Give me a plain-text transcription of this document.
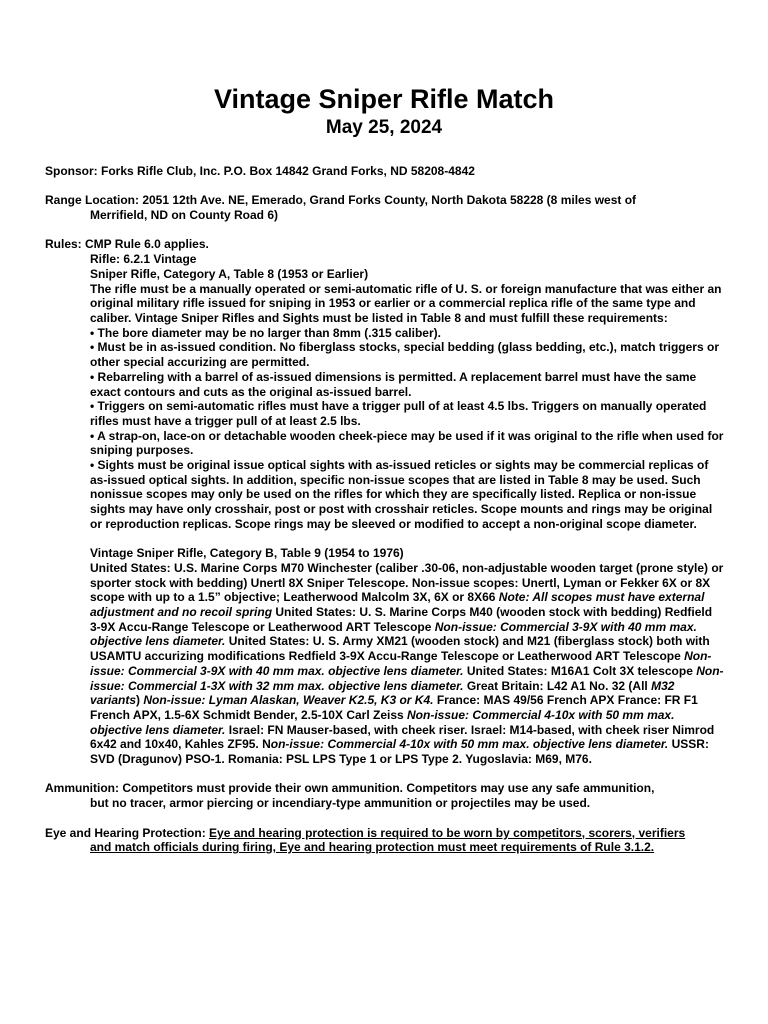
Vintage Sniper Rifle Match
May 25, 2024
Sponsor: Forks Rifle Club, Inc. P.O. Box 14842 Grand Forks, ND 58208-4842
Range Location: 2051 12th Ave. NE, Emerado, Grand Forks County, North Dakota 58228 (8 miles west of
Merrifield, ND on County Road 6)
Rules: CMP Rule 6.0 applies.
Rifle: 6.2.1 Vintage
Sniper Rifle, Category A, Table 8 (1953 or Earlier)
The rifle must be a manually operated or semi-automatic rifle of U. S. or foreign manufacture that was either an original military rifle issued for sniping in 1953 or earlier or a commercial replica rifle of the same type and caliber. Vintage Sniper Rifles and Sights must be listed in Table 8 and must fulfill these requirements:
• The bore diameter may be no larger than 8mm (.315 caliber).
• Must be in as-issued condition. No fiberglass stocks, special bedding (glass bedding, etc.), match triggers or other special accurizing are permitted.
• Rebarreling with a barrel of as-issued dimensions is permitted. A replacement barrel must have the same exact contours and cuts as the original as-issued barrel.
• Triggers on semi-automatic rifles must have a trigger pull of at least 4.5 lbs. Triggers on manually operated rifles must have a trigger pull of at least 2.5 lbs.
• A strap-on, lace-on or detachable wooden cheek-piece may be used if it was original to the rifle when used for sniping purposes.
• Sights must be original issue optical sights with as-issued reticles or sights may be commercial replicas of as-issued optical sights. In addition, specific non-issue scopes that are listed in Table 8 may be used. Such nonissue scopes may only be used on the rifles for which they are specifically listed. Replica or non-issue sights may have only crosshair, post or post with crosshair reticles. Scope mounts and rings may be original or reproduction replicas. Scope rings may be sleeved or modified to accept a non-original scope diameter.
Vintage Sniper Rifle, Category B, Table 9 (1954 to 1976)
United States: U.S. Marine Corps M70 Winchester (caliber .30-06, non-adjustable wooden target (prone style) or sporter stock with bedding) Unertl 8X Sniper Telescope. Non-issue scopes: Unertl, Lyman or Fekker 6X or 8X scope with up to a 1.5” objective; Leatherwood Malcolm 3X, 6X or 8X66 Note: All scopes must have external adjustment and no recoil spring United States: U. S. Marine Corps M40 (wooden stock with bedding) Redfield 3-9X Accu-Range Telescope or Leatherwood ART Telescope Non-issue: Commercial 3-9X with 40 mm max. objective lens diameter. United States: U. S. Army XM21 (wooden stock) and M21 (fiberglass stock) both with USAMTU accurizing modifications Redfield 3-9X Accu-Range Telescope or Leatherwood ART Telescope Non-issue: Commercial 3-9X with 40 mm max. objective lens diameter. United States: M16A1 Colt 3X telescope Non-issue: Commercial 1-3X with 32 mm max. objective lens diameter. Great Britain: L42 A1 No. 32 (All M32 variants) Non-issue: Lyman Alaskan, Weaver K2.5, K3 or K4. France: MAS 49/56 French APX France: FR F1 French APX, 1.5-6X Schmidt Bender, 2.5-10X Carl Zeiss Non-issue: Commercial 4-10x with 50 mm max. objective lens diameter. Israel: FN Mauser-based, with cheek riser. Israel: M14-based, with cheek riser Nimrod 6x42 and 10x40, Kahles ZF95. Non-issue: Commercial 4-10x with 50 mm max. objective lens diameter. USSR: SVD (Dragunov) PSO-1. Romania: PSL LPS Type 1 or LPS Type 2. Yugoslavia: M69, M76.
Ammunition: Competitors must provide their own ammunition. Competitors may use any safe ammunition,
but no tracer, armor piercing or incendiary-type ammunition or projectiles may be used.
Eye and Hearing Protection: Eye and hearing protection is required to be worn by competitors, scorers, verifiers
and match officials during firing, Eye and hearing protection must meet requirements of Rule 3.1.2.
